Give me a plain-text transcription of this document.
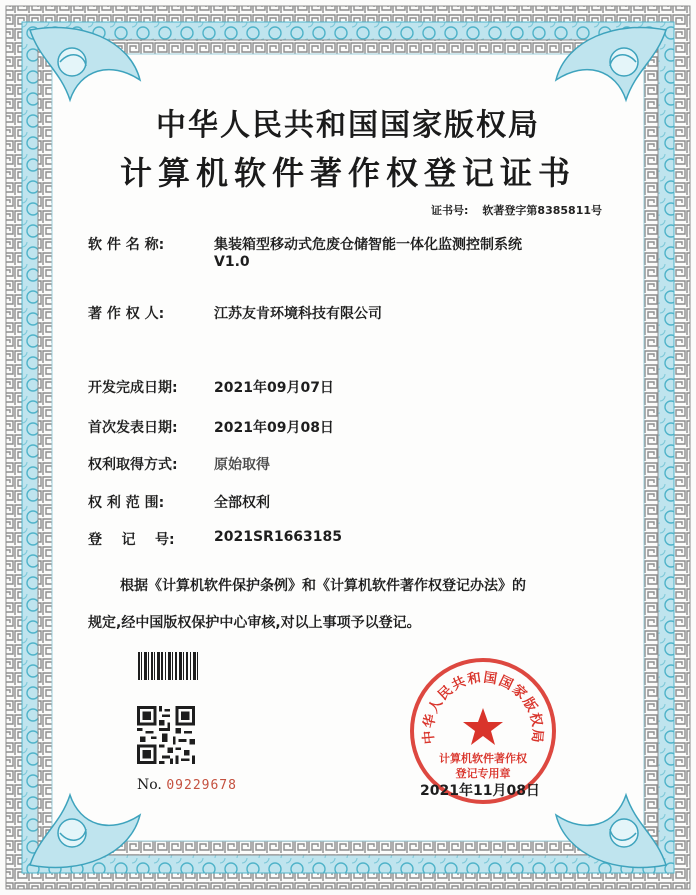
中华人民共和国国家版权局
计算机软件著作权登记证书
证书号: 软著登字第8385811号
软 件 名 称:	集装箱型移动式危废仓储智能一体化监测控制系统
V1.0
著 作 权 人:	江苏友肯环境科技有限公司
开发完成日期:	2021年09月07日
首次发表日期:	2021年09月08日
权利取得方式:	原始取得
权 利 范 围:	全部权利
登    记    号:	2021SR1663185
根据《计算机软件保护条例》和《计算机软件著作权登记办法》的
规定,经中国版权保护中心审核,对以上事项予以登记。
No. 09229678
中华人民共和国国家版权局
计算机软件著作权
登记专用章
2021年11月08日
